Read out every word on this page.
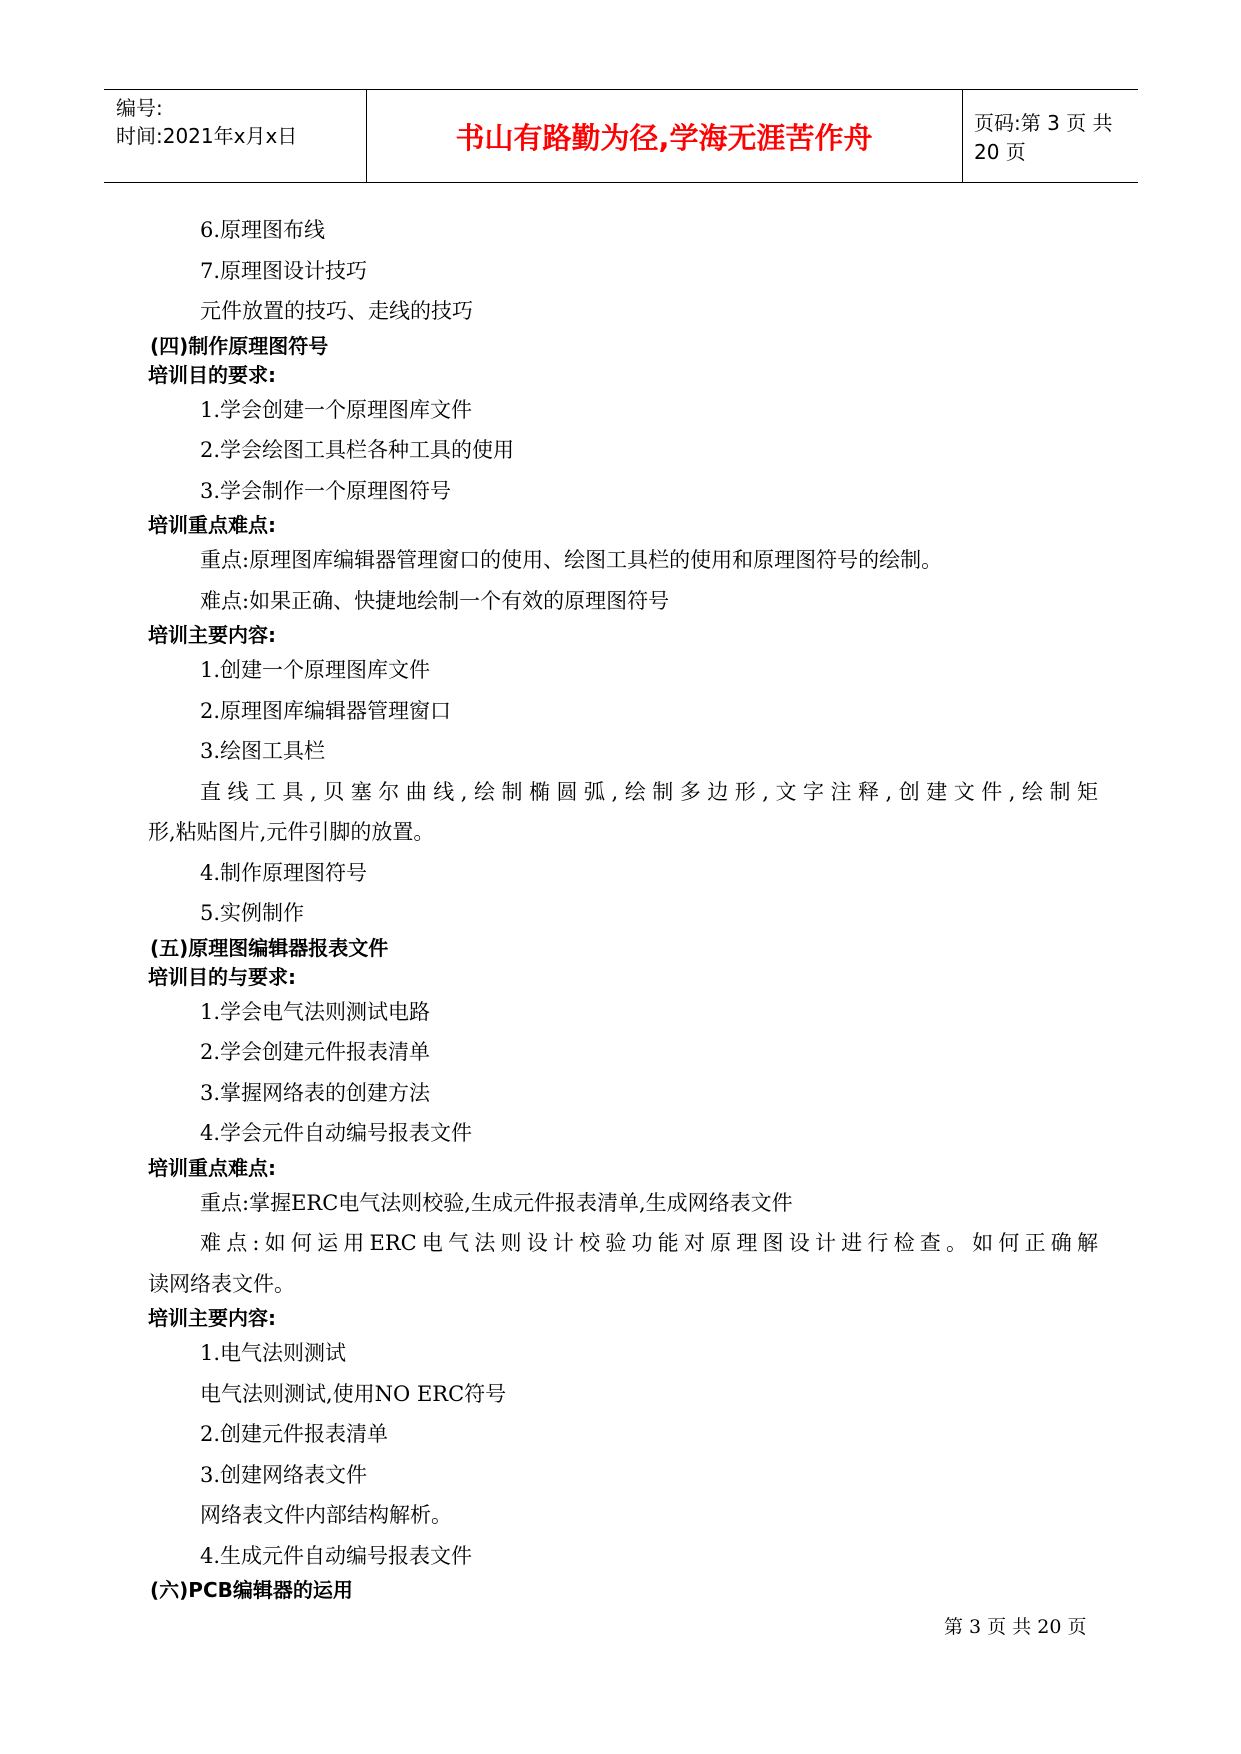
编号:
时间:2021年x月x日	书山有路勤为径,学海无涯苦作舟	页码:第 3 页 共 20 页
6.原理图布线
7.原理图设计技巧
元件放置的技巧、走线的技巧
(四)制作原理图符号
培训目的要求:
1.学会创建一个原理图库文件
2.学会绘图工具栏各种工具的使用
3.学会制作一个原理图符号
培训重点难点:
重点:原理图库编辑器管理窗口的使用、绘图工具栏的使用和原理图符号的绘制。
难点:如果正确、快捷地绘制一个有效的原理图符号
培训主要内容:
1.创建一个原理图库文件
2.原理图库编辑器管理窗口
3.绘图工具栏
直线工具,贝塞尔曲线,绘制椭圆弧,绘制多边形,文字注释,创建文件,绘制矩
形,粘贴图片,元件引脚的放置。
4.制作原理图符号
5.实例制作
(五)原理图编辑器报表文件
培训目的与要求:
1.学会电气法则测试电路
2.学会创建元件报表清单
3.掌握网络表的创建方法
4.学会元件自动编号报表文件
培训重点难点:
重点:掌握ERC电气法则校验,生成元件报表清单,生成网络表文件
难点:如何运用ERC电气法则设计校验功能对原理图设计进行检查。如何正确解
读网络表文件。
培训主要内容:
1.电气法则测试
电气法则测试,使用NO ERC符号
2.创建元件报表清单
3.创建网络表文件
网络表文件内部结构解析。
4.生成元件自动编号报表文件
(六)PCB编辑器的运用
第 3 页 共 20 页
